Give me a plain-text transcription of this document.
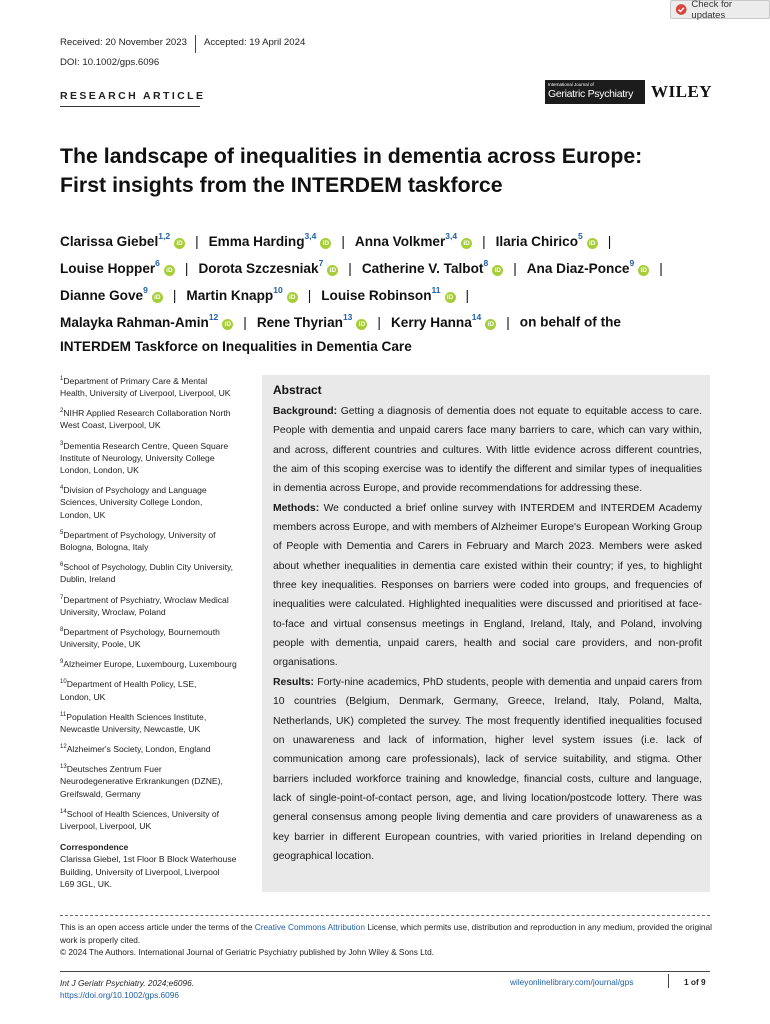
Check for updates
Received: 20 November 2023	Accepted: 19 April 2024
DOI: 10.1002/gps.6096
RESEARCH ARTICLE
International Journal of
Geriatric Psychiatry	WILEY
The landscape of inequalities in dementia across Europe:
First insights from the INTERDEM taskforce
Clarissa Giebel$^{1,2}$iD | Emma Harding$^{3,4}$iD | Anna Volkmer$^{3,4}$iD | Ilaria Chirico$^5$iD |
Louise Hopper$^6$iD | Dorota Szczesniak$^7$iD | Catherine V. Talbot$^8$iD | Ana Diaz-Ponce$^9$iD |
Dianne Gove$^9$iD | Martin Knapp$^{10}$iD | Louise Robinson$^{11}$iD |
Malayka Rahman-Amin$^{12}$iD | Rene Thyrian$^{13}$iD | Kerry Hanna$^{14}$iD | on behalf of the
INTERDEM Taskforce on Inequalities in Dementia Care
$^1$Department of Primary Care & Mental
Health, University of Liverpool, Liverpool, UK
$^2$NIHR Applied Research Collaboration North
West Coast, Liverpool, UK
$^3$Dementia Research Centre, Queen Square
Institute of Neurology, University College
London, London, UK
$^4$Division of Psychology and Language
Sciences, University College London,
London, UK
$^5$Department of Psychology, University of
Bologna, Bologna, Italy
$^6$School of Psychology, Dublin City University,
Dublin, Ireland
$^7$Department of Psychiatry, Wroclaw Medical
University, Wroclaw, Poland
$^8$Department of Psychology, Bournemouth
University, Poole, UK
$^9$Alzheimer Europe, Luxembourg, Luxembourg
$^{10}$Department of Health Policy, LSE,
London, UK
$^{11}$Population Health Sciences Institute,
Newcastle University, Newcastle, UK
$^{12}$Alzheimer's Society, London, England
$^{13}$Deutsches Zentrum Fuer
Neurodegenerative Erkrankungen (DZNE),
Greifswald, Germany
$^{14}$School of Health Sciences, University of
Liverpool, Liverpool, UK
Correspondence
Clarissa Giebel, 1st Floor B Block Waterhouse
Building, University of Liverpool, Liverpool
L69 3GL, UK.
Abstract

Background: Getting a diagnosis of dementia does not equate to equitable access to care. People with dementia and unpaid carers face many barriers to care, which can vary within, and across, different countries and cultures. With little evidence across different countries, the aim of this scoping exercise was to identify the different and similar types of inequalities in dementia across Europe, and provide recommendations for addressing these.

Methods: We conducted a brief online survey with INTERDEM and INTERDEM Academy members across Europe, and with members of Alzheimer Europe's European Working Group of People with Dementia and Carers in February and March 2023. Members were asked about whether inequalities in dementia care existed within their country; if yes, to highlight three key inequalities. Responses on barriers were coded into groups, and frequencies of inequalities were calculated. Highlighted inequalities were discussed and prioritised at face-to-face and virtual consensus meetings in England, Ireland, Italy, and Poland, involving people with dementia, unpaid carers, health and social care providers, and non-profit organisations.

Results: Forty-nine academics, PhD students, people with dementia and unpaid carers from 10 countries (Belgium, Denmark, Germany, Greece, Ireland, Italy, Poland, Malta, Netherlands, UK) completed the survey. The most frequently identified inequalities focused on unawareness and lack of information, higher level system issues (i.e. lack of communication among care professionals), lack of service suitability, and stigma. Other barriers included workforce training and knowledge, financial costs, culture and language, lack of single-point-of-contact person, age, and living location/postcode lottery. There was general consensus among people living dementia and care providers of unawareness as a key barrier in different European countries, with varied priorities in Ireland depending on geographical location.

This is an open access article under the terms of the Creative Commons Attribution License, which permits use, distribution and reproduction in any medium, provided the original work is properly cited.
© 2024 The Authors. International Journal of Geriatric Psychiatry published by John Wiley & Sons Ltd.
Int J Geriatr Psychiatry. 2024;e6096.
https://doi.org/10.1002/gps.6096
wileyonlinelibrary.com/journal/gps	1 of 9
